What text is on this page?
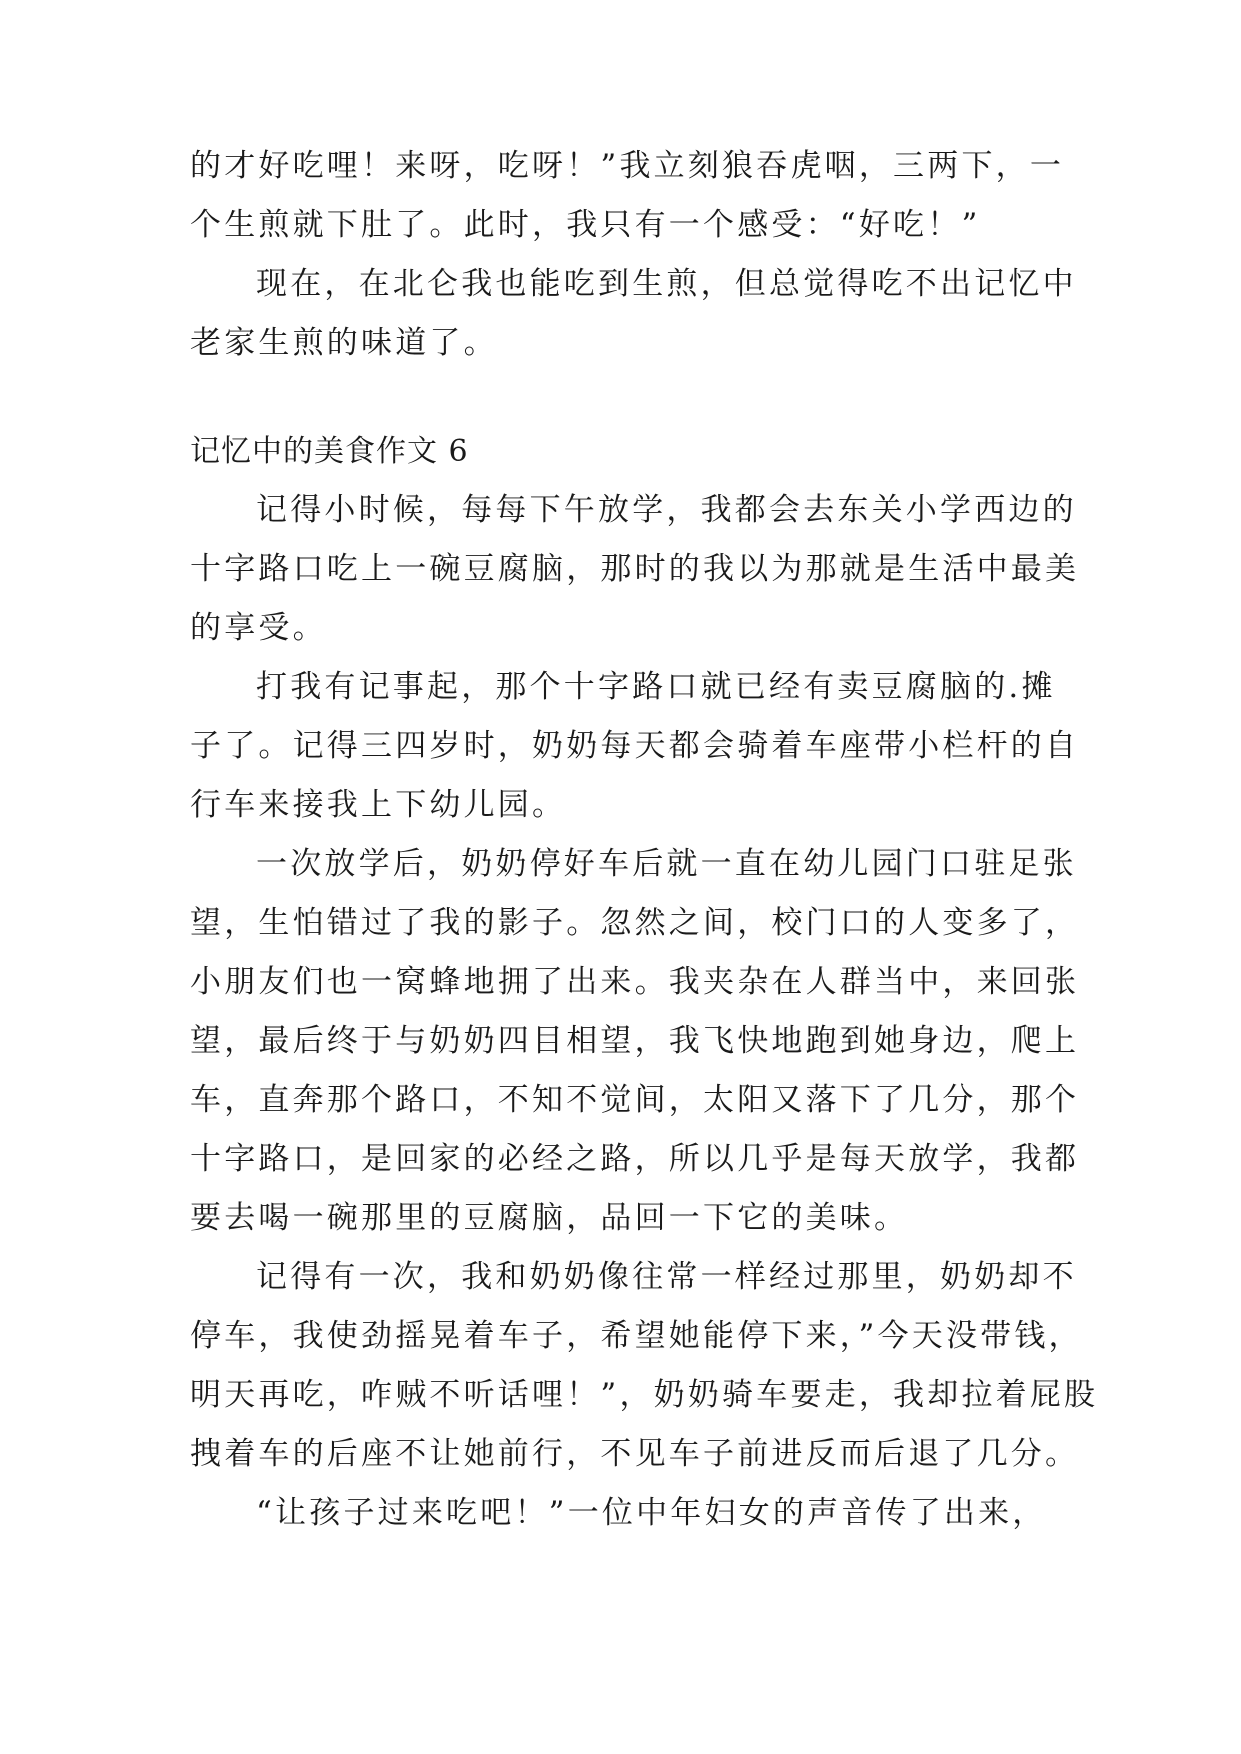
的才好吃哩！来呀，吃呀！”我立刻狼吞虎咽，三两下，一
个生煎就下肚了。此时，我只有一个感受：“好吃！”
现在，在北仑我也能吃到生煎，但总觉得吃不出记忆中
老家生煎的味道了。
记忆中的美食作文 6
记得小时候，每每下午放学，我都会去东关小学西边的
十字路口吃上一碗豆腐脑，那时的我以为那就是生活中最美
的享受。
打我有记事起，那个十字路口就已经有卖豆腐脑的.摊
子了。记得三四岁时，奶奶每天都会骑着车座带小栏杆的自
行车来接我上下幼儿园。
一次放学后，奶奶停好车后就一直在幼儿园门口驻足张
望，生怕错过了我的影子。忽然之间，校门口的人变多了，
小朋友们也一窝蜂地拥了出来。我夹杂在人群当中，来回张
望，最后终于与奶奶四目相望，我飞快地跑到她身边，爬上
车，直奔那个路口，不知不觉间，太阳又落下了几分，那个
十字路口，是回家的必经之路，所以几乎是每天放学，我都
要去喝一碗那里的豆腐脑，品回一下它的美味。
记得有一次，我和奶奶像往常一样经过那里，奶奶却不
停车，我使劲摇晃着车子，希望她能停下来，”今天没带钱，
明天再吃，咋贼不听话哩！”，奶奶骑车要走，我却拉着屁股
拽着车的后座不让她前行，不见车子前进反而后退了几分。
“让孩子过来吃吧！”一位中年妇女的声音传了出来，
